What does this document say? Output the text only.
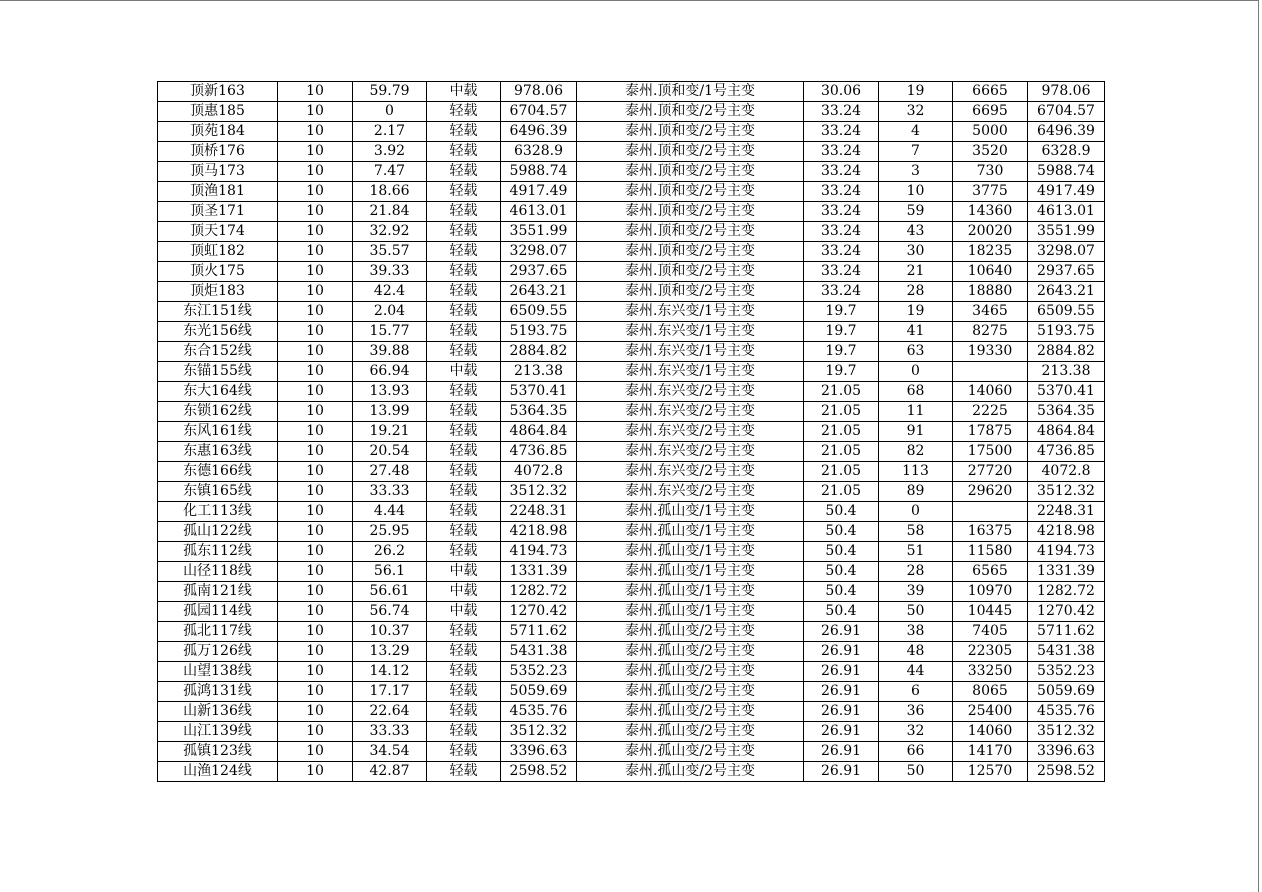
顶新163	10	59.79	中载	978.06	泰州.顶和变/1号主变	30.06	19	6665	978.06
顶惠185	10	0	轻载	6704.57	泰州.顶和变/2号主变	33.24	32	6695	6704.57
顶苑184	10	2.17	轻载	6496.39	泰州.顶和变/2号主变	33.24	4	5000	6496.39
顶桥176	10	3.92	轻载	6328.9	泰州.顶和变/2号主变	33.24	7	3520	6328.9
顶马173	10	7.47	轻载	5988.74	泰州.顶和变/2号主变	33.24	3	730	5988.74
顶渔181	10	18.66	轻载	4917.49	泰州.顶和变/2号主变	33.24	10	3775	4917.49
顶圣171	10	21.84	轻载	4613.01	泰州.顶和变/2号主变	33.24	59	14360	4613.01
顶天174	10	32.92	轻载	3551.99	泰州.顶和变/2号主变	33.24	43	20020	3551.99
顶虹182	10	35.57	轻载	3298.07	泰州.顶和变/2号主变	33.24	30	18235	3298.07
顶火175	10	39.33	轻载	2937.65	泰州.顶和变/2号主变	33.24	21	10640	2937.65
顶炬183	10	42.4	轻载	2643.21	泰州.顶和变/2号主变	33.24	28	18880	2643.21
东江151线	10	2.04	轻载	6509.55	泰州.东兴变/1号主变	19.7	19	3465	6509.55
东光156线	10	15.77	轻载	5193.75	泰州.东兴变/1号主变	19.7	41	8275	5193.75
东合152线	10	39.88	轻载	2884.82	泰州.东兴变/1号主变	19.7	63	19330	2884.82
东锚155线	10	66.94	中载	213.38	泰州.东兴变/1号主变	19.7	0		213.38
东大164线	10	13.93	轻载	5370.41	泰州.东兴变/2号主变	21.05	68	14060	5370.41
东锁162线	10	13.99	轻载	5364.35	泰州.东兴变/2号主变	21.05	11	2225	5364.35
东风161线	10	19.21	轻载	4864.84	泰州.东兴变/2号主变	21.05	91	17875	4864.84
东惠163线	10	20.54	轻载	4736.85	泰州.东兴变/2号主变	21.05	82	17500	4736.85
东德166线	10	27.48	轻载	4072.8	泰州.东兴变/2号主变	21.05	113	27720	4072.8
东镇165线	10	33.33	轻载	3512.32	泰州.东兴变/2号主变	21.05	89	29620	3512.32
化工113线	10	4.44	轻载	2248.31	泰州.孤山变/1号主变	50.4	0		2248.31
孤山122线	10	25.95	轻载	4218.98	泰州.孤山变/1号主变	50.4	58	16375	4218.98
孤东112线	10	26.2	轻载	4194.73	泰州.孤山变/1号主变	50.4	51	11580	4194.73
山径118线	10	56.1	中载	1331.39	泰州.孤山变/1号主变	50.4	28	6565	1331.39
孤南121线	10	56.61	中载	1282.72	泰州.孤山变/1号主变	50.4	39	10970	1282.72
孤园114线	10	56.74	中载	1270.42	泰州.孤山变/1号主变	50.4	50	10445	1270.42
孤北117线	10	10.37	轻载	5711.62	泰州.孤山变/2号主变	26.91	38	7405	5711.62
孤万126线	10	13.29	轻载	5431.38	泰州.孤山变/2号主变	26.91	48	22305	5431.38
山望138线	10	14.12	轻载	5352.23	泰州.孤山变/2号主变	26.91	44	33250	5352.23
孤鸿131线	10	17.17	轻载	5059.69	泰州.孤山变/2号主变	26.91	6	8065	5059.69
山新136线	10	22.64	轻载	4535.76	泰州.孤山变/2号主变	26.91	36	25400	4535.76
山江139线	10	33.33	轻载	3512.32	泰州.孤山变/2号主变	26.91	32	14060	3512.32
孤镇123线	10	34.54	轻载	3396.63	泰州.孤山变/2号主变	26.91	66	14170	3396.63
山渔124线	10	42.87	轻载	2598.52	泰州.孤山变/2号主变	26.91	50	12570	2598.52
